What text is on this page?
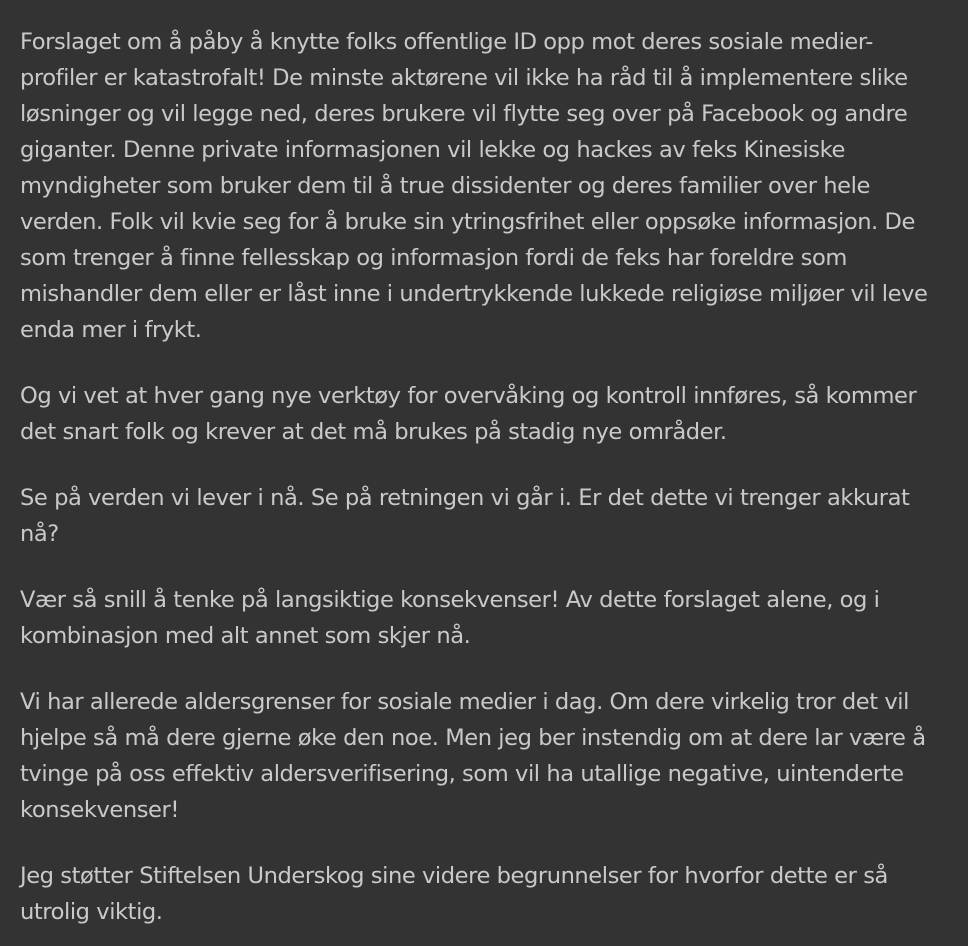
Forslaget om å påby å knytte folks offentlige ID opp mot deres sosiale medier-profiler er katastrofalt! De minste aktørene vil ikke ha råd til å implementere slike løsninger og vil legge ned, deres brukere vil flytte seg over på Facebook og andre giganter. Denne private informasjonen vil lekke og hackes av feks Kinesiske myndigheter som bruker dem til å true dissidenter og deres familier over hele verden. Folk vil kvie seg for å bruke sin ytringsfrihet eller oppsøke informasjon. De som trenger å finne fellesskap og informasjon fordi de feks har foreldre som mishandler dem eller er låst inne i undertrykkende lukkede religiøse miljøer vil leve enda mer i frykt.

Og vi vet at hver gang nye verktøy for overvåking og kontroll innføres, så kommer det snart folk og krever at det må brukes på stadig nye områder.

Se på verden vi lever i nå. Se på retningen vi går i. Er det dette vi trenger akkurat nå?

Vær så snill å tenke på langsiktige konsekvenser! Av dette forslaget alene, og i kombinasjon med alt annet som skjer nå.

Vi har allerede aldersgrenser for sosiale medier i dag. Om dere virkelig tror det vil hjelpe så må dere gjerne øke den noe. Men jeg ber instendig om at dere lar være å tvinge på oss effektiv aldersverifisering, som vil ha utallige negative, uintenderte konsekvenser!

Jeg støtter Stiftelsen Underskog sine videre begrunnelser for hvorfor dette er så utrolig viktig.
